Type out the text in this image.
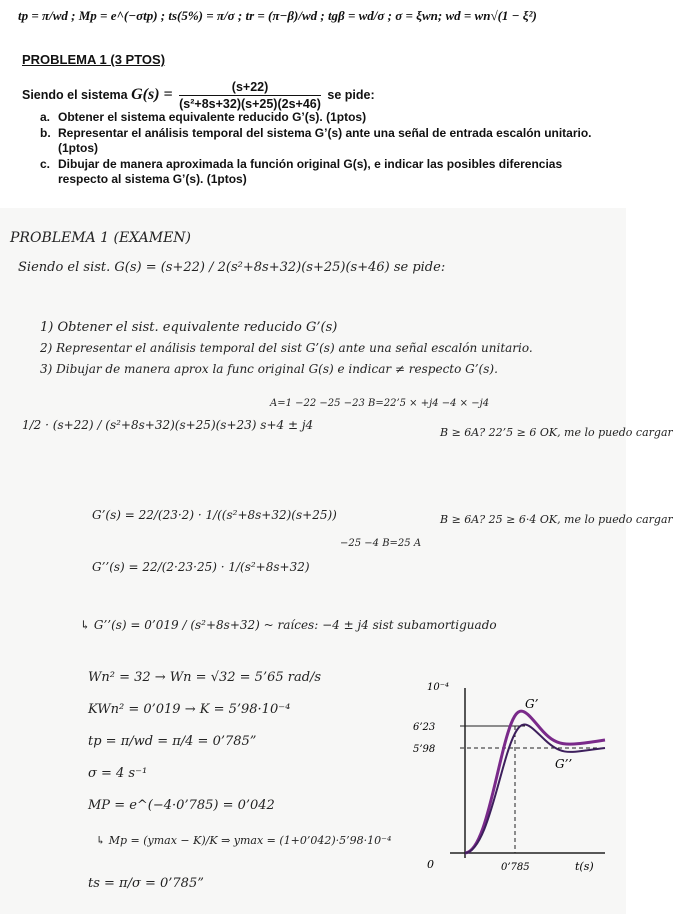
tp = π/wd ; Mp = e^(−σtp) ; ts(5%) = π/σ ; tr = (π−β)/wd ; tgβ = wd/σ ; σ = ξwn; wd = wn√(1 − ξ²)
PROBLEMA 1 (3 PTOS)
Siendo el sistema $G(s) = \frac{(s+22)}{\text{(s²+8s+32)(s+25)(2s+46)}}$ se pide:
a. Obtener el sistema equivalente reducido G’(s). (1ptos)
b. Representar el análisis temporal del sistema G’(s) ante una señal de entrada escalón unitario. (1ptos)
c. Dibujar de manera aproximada la función original G(s), e indicar las posibles diferencias respecto al sistema G’(s). (1ptos)
PROBLEMA 1 (EXAMEN)
Siendo el sist. G(s) = (s+22) / 2(s²+8s+32)(s+25)(s+46) se pide:
1) Obtener el sist. equivalente reducido G’(s)
2) Representar el análisis temporal del sist G’(s) ante una señal escalón unitario.
3) Dibujar de manera aprox la func original G(s) e indicar ≠ respecto G’(s).
1/2 · (s+22) / (s²+8s+32)(s+25)(s+23) s+4 ± j4
A=1 −22 −25 −23 B=22’5 × +j4 −4 × −j4
B ≥ 6A? 22’5 ≥ 6 OK, me lo puedo cargar
G’(s) = 22/(23·2) · 1/((s²+8s+32)(s+25))
−25 −4 B=25 A
B ≥ 6A? 25 ≥ 6·4 OK, me lo puedo cargar
G’’(s) = 22/(2·23·25) · 1/(s²+8s+32)
↳ G’’(s) = 0’019 / (s²+8s+32) ~ raíces: −4 ± j4 sist subamortiguado
Wn² = 32 → Wn = √32 = 5’65 rad/s
KWn² = 0’019 → K = 5’98·10⁻⁴
tp = π/wd = π/4 = 0’785”
σ = 4 s⁻¹
MP = e^(−4·0’785) = 0’042
↳ Mp = (ymax − K)/K ⇒ ymax = (1+0’042)·5’98·10⁻⁴
ts = π/σ = 0’785”
10⁻⁴
6’23
5’98
0	0’785	t(s)
G’
G’’
